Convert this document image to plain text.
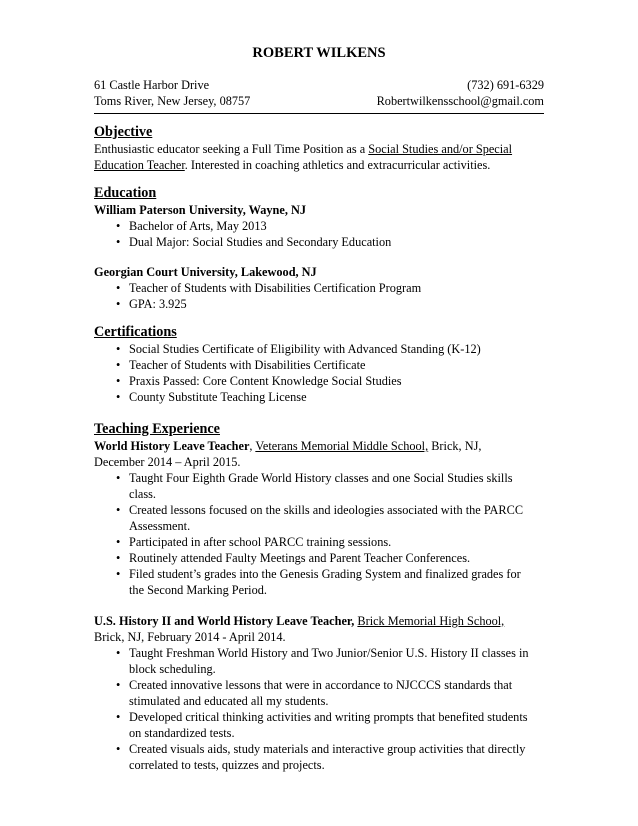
ROBERT WILKENS
61 Castle Harbor Drive	(732) 691-6329
Toms River, New Jersey, 08757	Robertwilkensschool@gmail.com
Objective
Enthusiastic educator seeking a Full Time Position as a Social Studies and/or Special
Education Teacher. Interested in coaching athletics and extracurricular activities.
Education
William Paterson University, Wayne, NJ
• Bachelor of Arts, May 2013
• Dual Major: Social Studies and Secondary Education
Georgian Court University, Lakewood, NJ
• Teacher of Students with Disabilities Certification Program
• GPA: 3.925
Certifications
• Social Studies Certificate of Eligibility with Advanced Standing (K-12)
• Teacher of Students with Disabilities Certificate
• Praxis Passed: Core Content Knowledge Social Studies
• County Substitute Teaching License
Teaching Experience
World History Leave Teacher, Veterans Memorial Middle School, Brick, NJ,
December 2014 – April 2015.
• Taught Four Eighth Grade World History classes and one Social Studies skills
class.
• Created lessons focused on the skills and ideologies associated with the PARCC
Assessment.
• Participated in after school PARCC training sessions.
• Routinely attended Faulty Meetings and Parent Teacher Conferences.
• Filed student’s grades into the Genesis Grading System and finalized grades for
the Second Marking Period.
U.S. History II and World History Leave Teacher, Brick Memorial High School,
Brick, NJ, February 2014 - April 2014.
• Taught Freshman World History and Two Junior/Senior U.S. History II classes in
block scheduling.
• Created innovative lessons that were in accordance to NJCCCS standards that
stimulated and educated all my students.
• Developed critical thinking activities and writing prompts that benefited students
on standardized tests.
• Created visuals aids, study materials and interactive group activities that directly
correlated to tests, quizzes and projects.
